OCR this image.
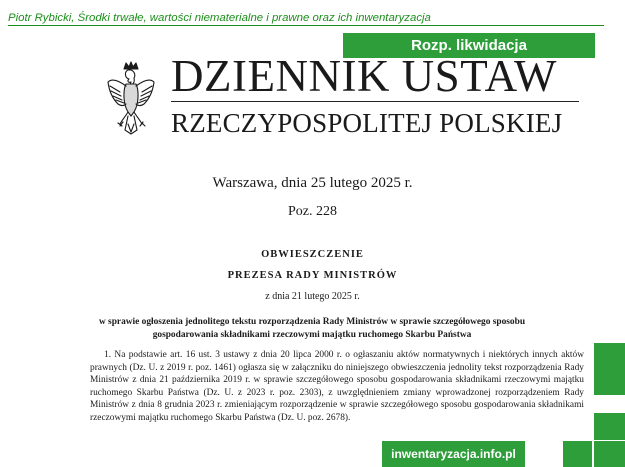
Piotr Rybicki, Środki trwałe, wartości niematerialne i prawne oraz ich inwentaryzacja
Rozp. likwidacja
DZIENNIK USTAW
RZECZYPOSPOLITEJ POLSKIEJ
Warszawa, dnia 25 lutego 2025 r.
Poz. 228
OBWIESZCZENIE
PREZESA RADY MINISTRÓW
z dnia 21 lutego 2025 r.
w sprawie ogłoszenia jednolitego tekstu rozporządzenia Rady Ministrów w sprawie szczegółowego sposobu gospodarowania składnikami rzeczowymi majątku ruchomego Skarbu Państwa
1. Na podstawie art. 16 ust. 3 ustawy z dnia 20 lipca 2000 r. o ogłaszaniu aktów normatywnych i niektórych innych aktów prawnych (Dz. U. z 2019 r. poz. 1461) ogłasza się w załączniku do niniejszego obwieszczenia jednolity tekst rozporządzenia Rady Ministrów z dnia 21 października 2019 r. w sprawie szczegółowego sposobu gospodarowania składnikami rzeczowymi majątku ruchomego Skarbu Państwa (Dz. U. z 2023 r. poz. 2303), z uwzględnieniem zmiany wprowadzonej rozporządzeniem Rady Ministrów z dnia 8 grudnia 2023 r. zmieniającym rozporządzenie w sprawie szczegółowego sposobu gospodarowania składnikami rzeczowymi majątku ruchomego Skarbu Państwa (Dz. U. poz. 2678).
inwentaryzacja.info.pl
